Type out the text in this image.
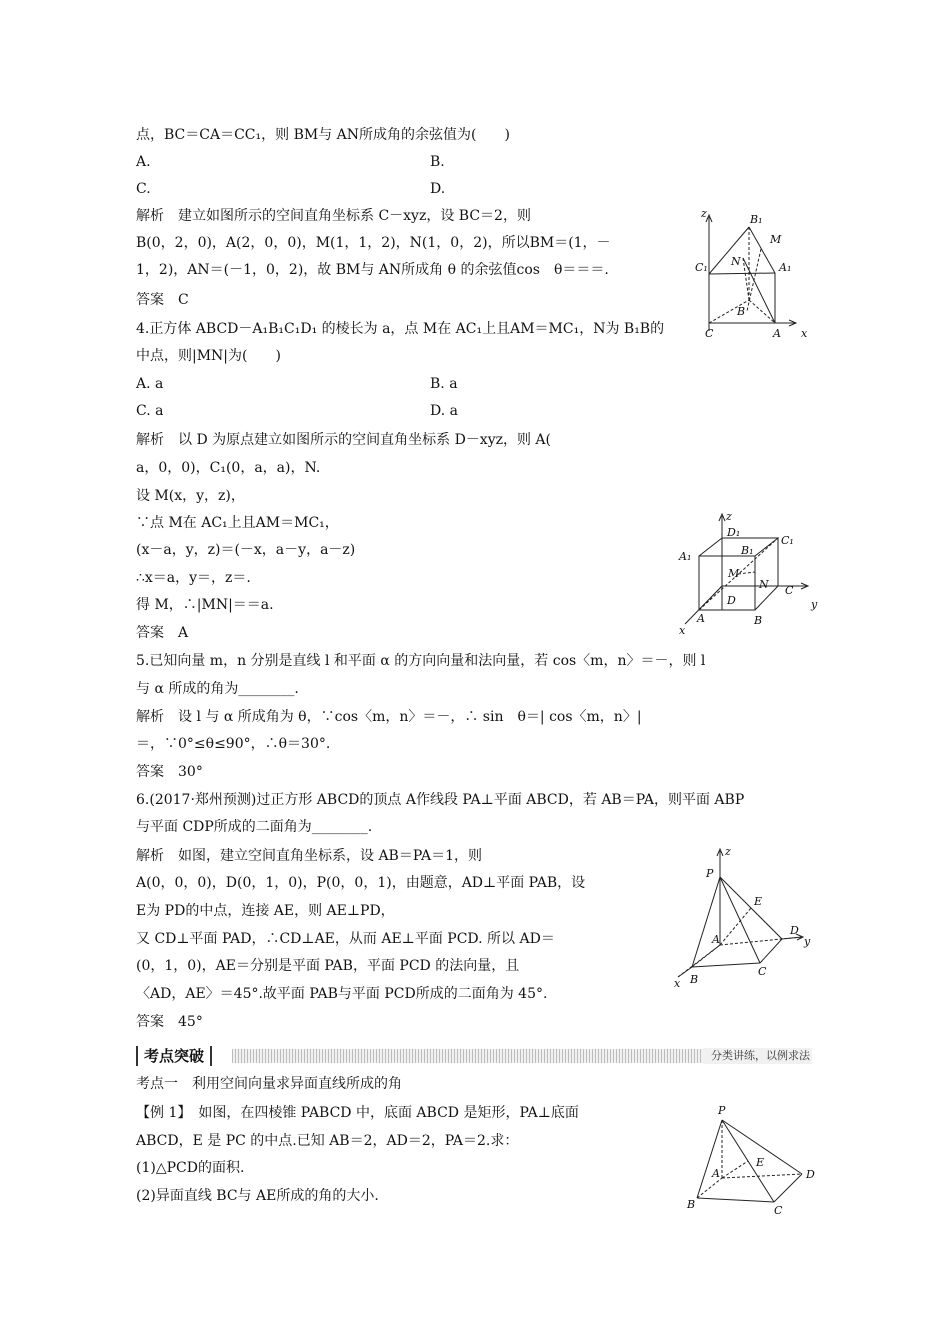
点，BC＝CA＝CC₁，则 BM与 AN所成角的余弦值为(　　)
A.	B.
C.	D.
解析　建立如图所示的空间直角坐标系 C－xyz，设 BC＝2，则
B(0，2，0)，A(2，0，0)，M(1，1，2)，N(1，0，2)，所以BM＝(1，－
1，2)，AN＝(－1，0，2)，故 BM与 AN所成角 θ 的余弦值cos　θ＝＝＝.
答案　C
z	B₁
M
C₁	A₁
N
B
C	A x
4.正方体 ABCD－A₁B₁C₁D₁ 的棱长为 a，点 M在 AC₁上且AM＝MC₁，N为 B₁B的
中点，则|MN|为(　　)
A. a	B. a
C. a	D. a
解析　以 D 为原点建立如图所示的空间直角坐标系 D－xyz，则 A(
a，0，0)，C₁(0，a，a)，N.
设 M(x，y，z)，
∵点 M在 AC₁上且AM＝MC₁，
(x－a，y，z)＝(－x，a－y，a－z)
∴x＝a，y＝，z＝.
得 M，∴|MN|＝＝a.
答案　A
z
D₁
C₁
A₁	B₁
M
N C
D	y
A	B
x
5.已知向量 m，n 分别是直线 l 和平面 α 的方向向量和法向量，若 cos〈m，n〉＝－，则 l
与 α 所成的角为________.
解析　设 l 与 α 所成角为 θ，∵cos〈m，n〉＝－，∴ sin　θ＝| cos〈m，n〉|
＝，∵0°≤θ≤90°，∴θ＝30°.
答案　30°
6.(2017·郑州预测)过正方形 ABCD的顶点 A作线段 PA⊥平面 ABCD，若 AB＝PA，则平面 ABP
与平面 CDP所成的二面角为________.
解析　如图，建立空间直角坐标系，设 AB＝PA＝1，则
A(0，0，0)，D(0，1，0)，P(0，0，1)，由题意，AD⊥平面 PAB，设
E为 PD的中点，连接 AE，则 AE⊥PD，
又 CD⊥平面 PAD，∴CD⊥AE，从而 AE⊥平面 PCD. 所以 AD＝
(0，1，0)，AE＝分别是平面 PAB，平面 PCD 的法向量，且
〈AD，AE〉＝45°.故平面 PAB与平面 PCD所成的二面角为 45°.
答案　45°
z
P
E
D
y
A
B
C
x
考点突破	分类讲练，以例求法
考点一　利用空间向量求异面直线所成的角
【例 1】　如图，在四棱锥 PABCD 中，底面 ABCD 是矩形，PA⊥底面
ABCD，E 是 PC 的中点.已知 AB＝2，AD＝2，PA＝2.求：
(1)△PCD的面积.
(2)异面直线 BC与 AE所成的角的大小.
P
E
A	D
B	C
